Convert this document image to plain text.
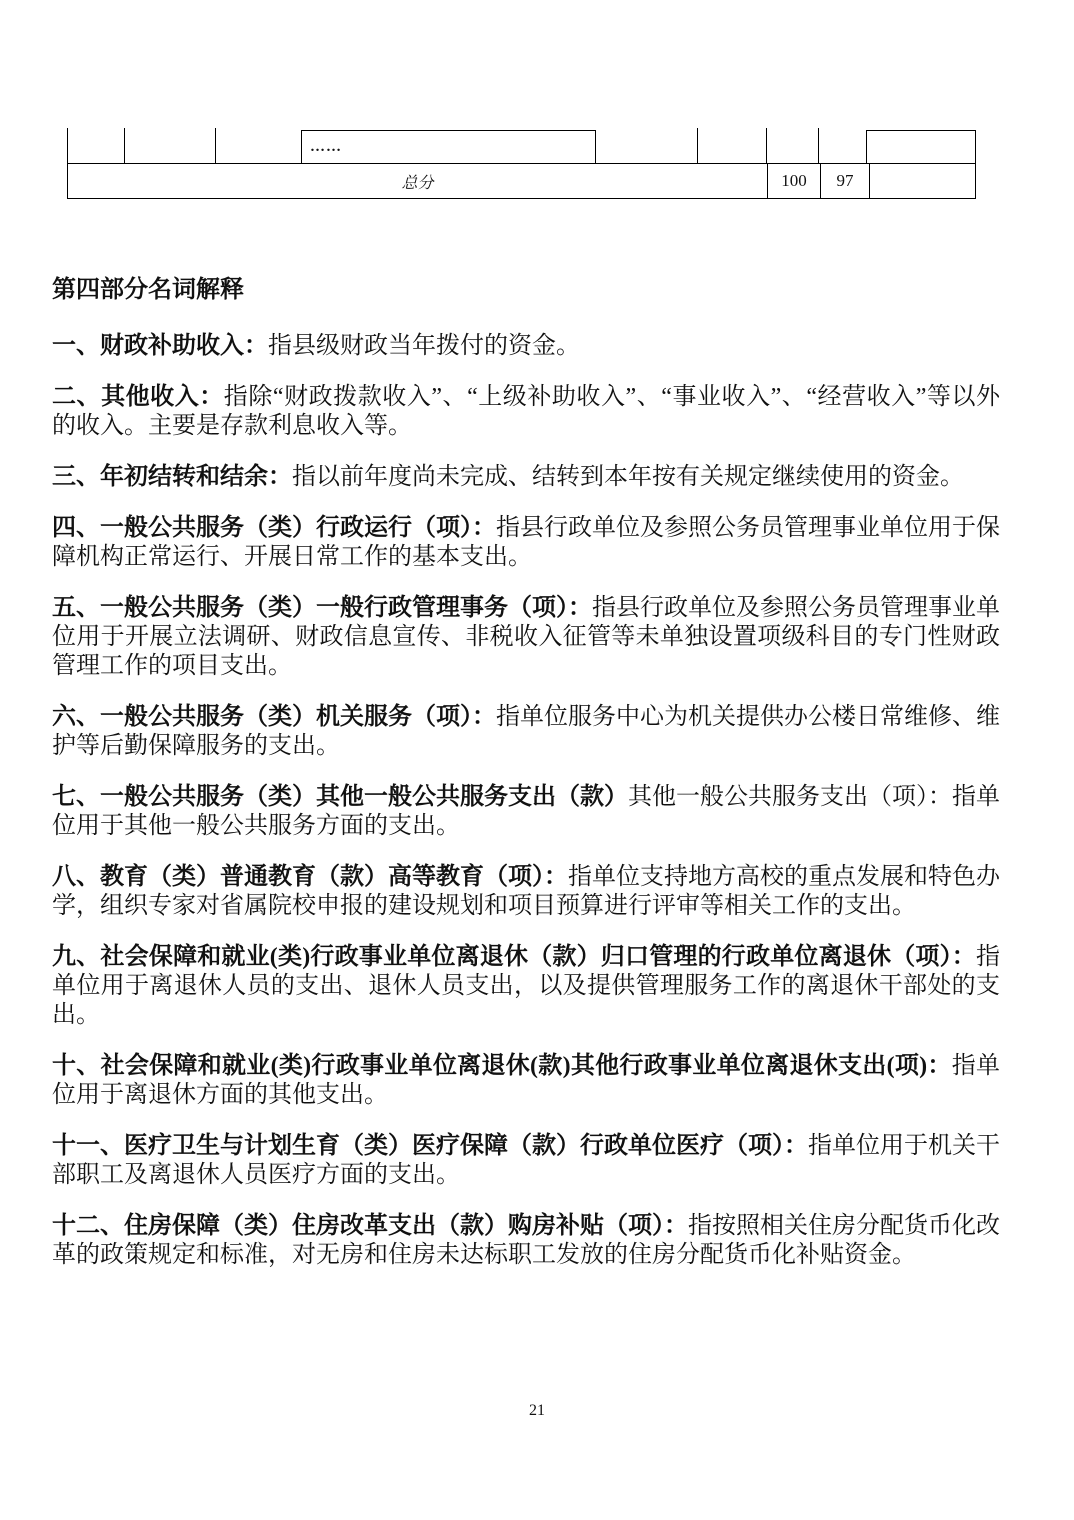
……
总分	100 97
第四部分名词解释

一、财政补助收入：指县级财政当年拨付的资金。

二、其他收入：指除“财政拨款收入”、“上级补助收入”、“事业收入”、“经营收入”等以外的收入。主要是存款利息收入等。

三、年初结转和结余：指以前年度尚未完成、结转到本年按有关规定继续使用的资金。

四、一般公共服务（类）行政运行（项）：指县行政单位及参照公务员管理事业单位用于保障机构正常运行、开展日常工作的基本支出。

五、一般公共服务（类）一般行政管理事务（项）：指县行政单位及参照公务员管理事业单位用于开展立法调研、财政信息宣传、非税收入征管等未单独设置项级科目的专门性财政管理工作的项目支出。

六、一般公共服务（类）机关服务（项）：指单位服务中心为机关提供办公楼日常维修、维护等后勤保障服务的支出。

七、一般公共服务（类）其他一般公共服务支出（款）其他一般公共服务支出（项）：指单位用于其他一般公共服务方面的支出。

八、教育（类）普通教育（款）高等教育（项）：指单位支持地方高校的重点发展和特色办学，组织专家对省属院校申报的建设规划和项目预算进行评审等相关工作的支出。

九、社会保障和就业(类)行政事业单位离退休（款）归口管理的行政单位离退休（项）：指单位用于离退休人员的支出、退休人员支出，以及提供管理服务工作的离退休干部处的支出。

十、社会保障和就业(类)行政事业单位离退休(款)其他行政事业单位离退休支出(项)：指单位用于离退休方面的其他支出。

十一、医疗卫生与计划生育（类）医疗保障（款）行政单位医疗（项）：指单位用于机关干部职工及离退休人员医疗方面的支出。

十二、住房保障（类）住房改革支出（款）购房补贴（项）：指按照相关住房分配货币化改革的政策规定和标准，对无房和住房未达标职工发放的住房分配货币化补贴资金。

21
